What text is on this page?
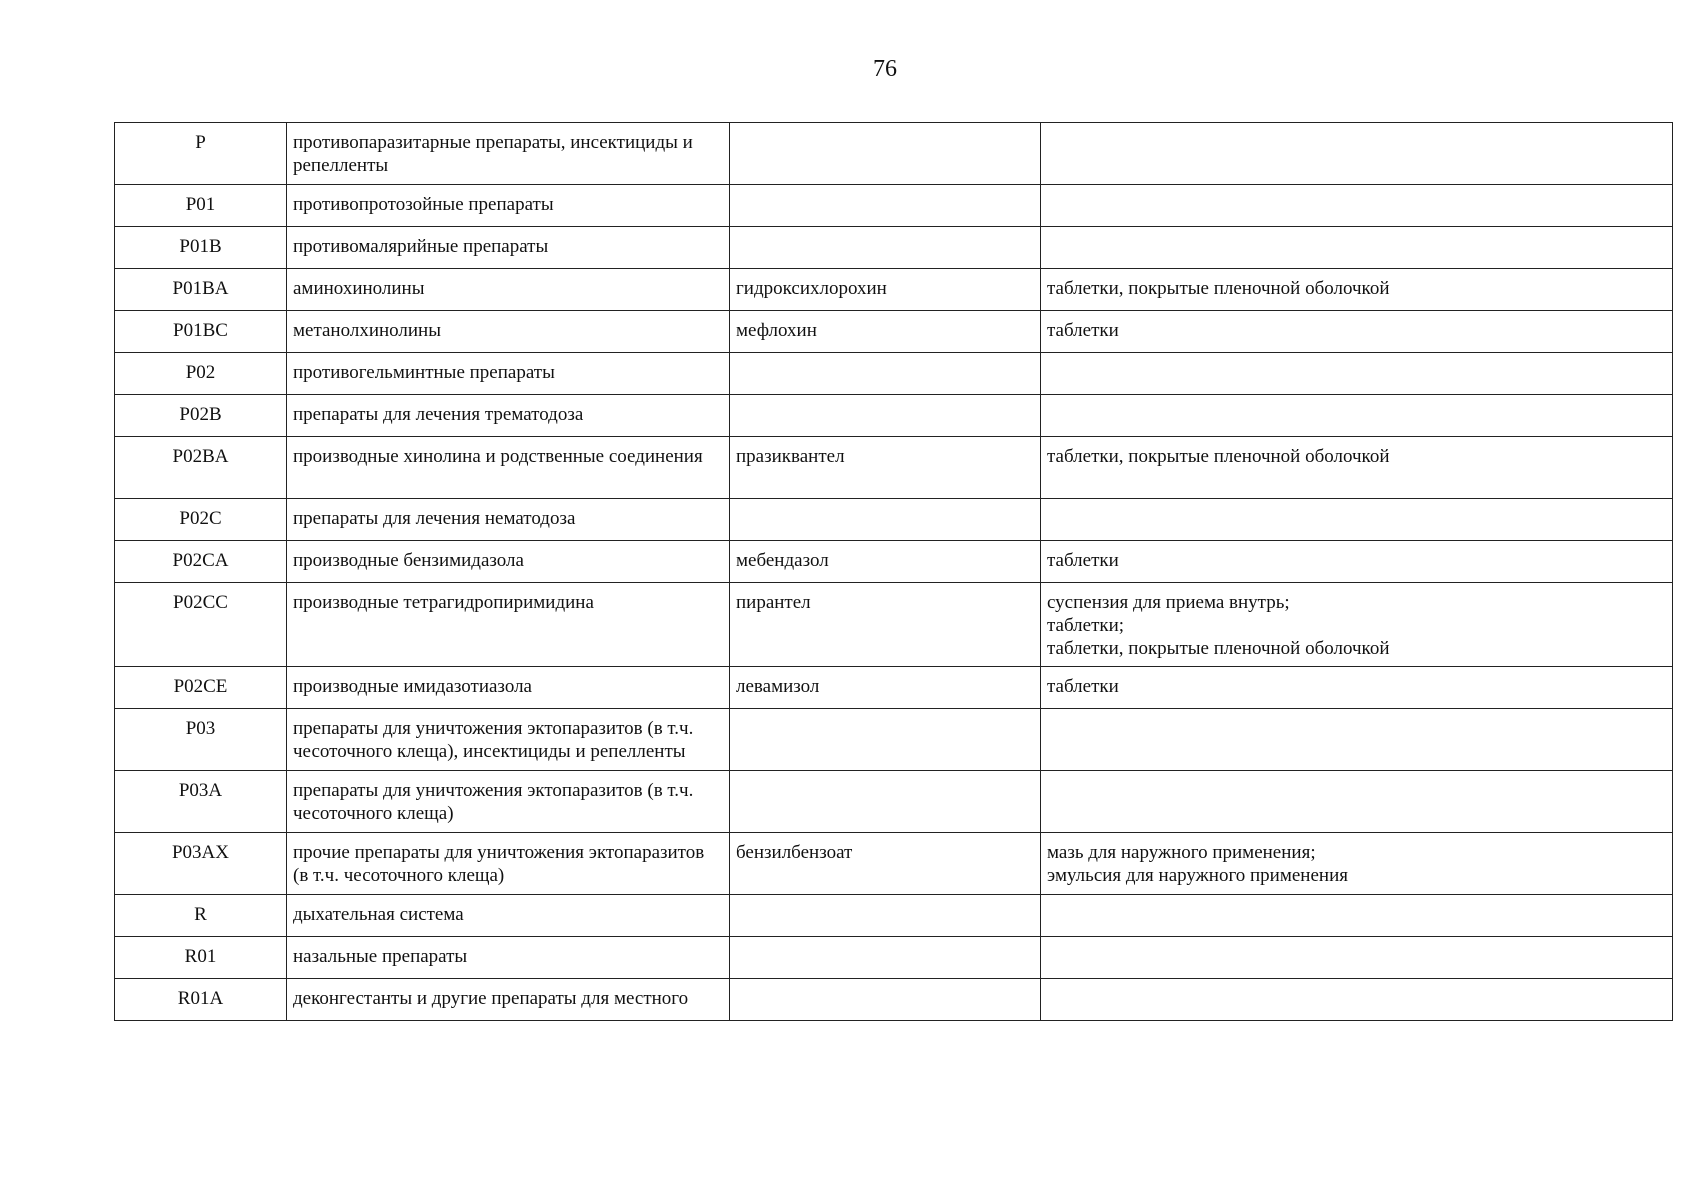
76
P	противопаразитарные препараты, инсектициды и репелленты		
P01	противопротозойные препараты		
P01B	противомалярийные препараты		
P01BA	аминохинолины	гидроксихлорохин	таблетки, покрытые пленочной оболочкой
P01BC	метанолхинолины	мефлохин	таблетки
P02	противогельминтные препараты		
P02B	препараты для лечения трематодоза		
P02BA	производные хинолина и родственные соединения	празиквантел	таблетки, покрытые пленочной оболочкой
P02C	препараты для лечения нематодоза		
P02CA	производные бензимидазола	мебендазол	таблетки
P02CC	производные тетрагидропиримидина	пирантел	суспензия для приема внутрь;
таблетки;
таблетки, покрытые пленочной оболочкой
P02CE	производные имидазотиазола	левамизол	таблетки
P03	препараты для уничтожения эктопаразитов (в т.ч. чесоточного клеща), инсектициды и репелленты		
P03A	препараты для уничтожения эктопаразитов (в т.ч. чесоточного клеща)		
P03AX	прочие препараты для уничтожения эктопаразитов (в т.ч. чесоточного клеща)	бензилбензоат	мазь для наружного применения;
эмульсия для наружного применения
R	дыхательная система		
R01	назальные препараты		
R01A	деконгестанты и другие препараты для местного		
